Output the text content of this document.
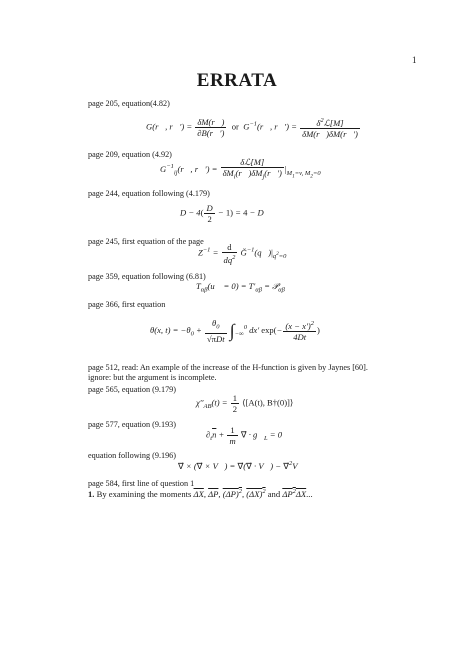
1
ERRATA
page 205, equation(4.82)
G(r⃗, r⃗′) = $\frac{\delta M(r⃗)}{\partial B(r⃗')}$ or  $G^{-1}(r⃗$, r⃗′) = $\frac{\delta^2ℒ[M]}{\delta M(r⃗)\delta M(r⃗')}$
page 209, equation (4.92)
$G^{-1}_{ij}(r⃗$, r⃗′) = $\frac{\text{δℒ[M]}}{\delta M_i(r⃗)\delta M_j(r⃗')} |_{M_1=v, M_2=0}$
page 244, equation following (4.179)
$D - 4( \frac{D}{2} - 1) = 4 - D$
page 245, first equation of the page
$Z^{-1} = \frac{d}{dq^2}$ $Ğ^{-1}(q⃗)|_{q^2=0}$
page 359, equation following (6.81)
$T_{\alpha\beta}(u⃗ = 0) = T'_{\alpha\beta}$ = 𝒫$_{\alpha\beta}$
page 366, first equation
θ(x, $t) = -\theta_0 + \frac{\theta_0}{\text{√πDt}} \int_{-\infty}^0$ dx′ $\exp(- \frac{(x - x')^2}{4Dt}$ )
page 512, read: An example of the increase of the H-function is given by Jaynes [60].
ignore: but the argument is incomplete.
page 565, equation (9.179)
$\chi''_{AB}(t) = \frac{1}{2}$ ⟨[A(t), B†(0)]⟩
page 577, equation (9.193)
$\partial_t\overline{n} + \frac{1}{m}$ ∇⃗ · $g⃗_L = 0$
equation following (9.196)
∇⃗ × (∇⃗ × V⃗) = ∇⃗(∇⃗ · V⃗) − ∇⃗$^2$V⃗
page 584, first line of question 1
1. By examining the moments $\overline{\Delta X}$, $\overline{\Delta P}$, $(\Delta P)^2$, $(\Delta X)^2$ and $\Delta P^2\Delta X$...
